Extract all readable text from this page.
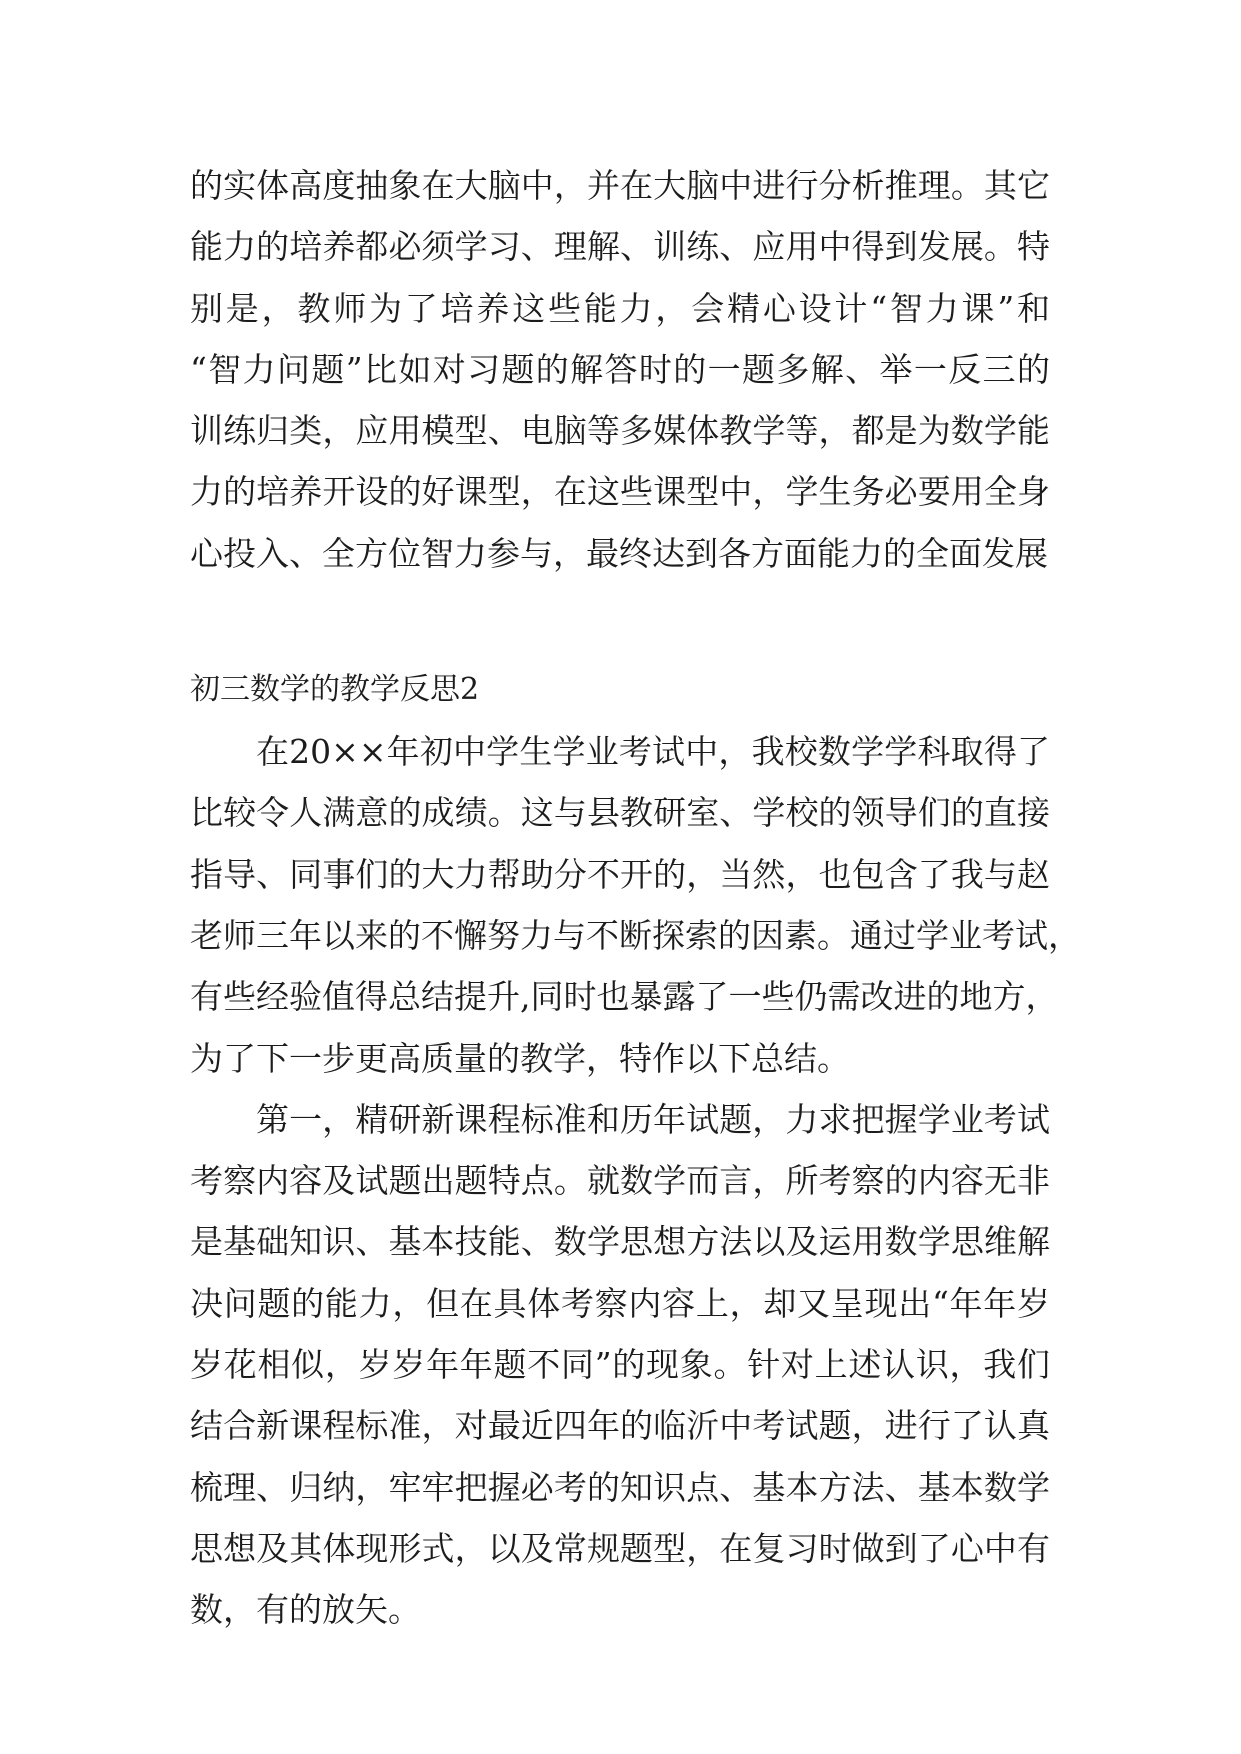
的实体高度抽象在大脑中，并在大脑中进行分析推理。其它
能力的培养都必须学习、理解、训练、应用中得到发展。特
别是，教师为了培养这些能力，会精心设计“智力课”和
“智力问题”比如对习题的解答时的一题多解、举一反三的
训练归类，应用模型、电脑等多媒体教学等，都是为数学能
力的培养开设的好课型，在这些课型中，学生务必要用全身
心投入、全方位智力参与，最终达到各方面能力的全面发展
初三数学的教学反思2
在20××年初中学生学业考试中，我校数学学科取得了
比较令人满意的成绩。这与县教研室、学校的领导们的直接
指导、同事们的大力帮助分不开的，当然，也包含了我与赵
老师三年以来的不懈努力与不断探索的因素。通过学业考试，
有些经验值得总结提升,同时也暴露了一些仍需改进的地方，
为了下一步更高质量的教学，特作以下总结。
第一，精研新课程标准和历年试题，力求把握学业考试
考察内容及试题出题特点。就数学而言，所考察的内容无非
是基础知识、基本技能、数学思想方法以及运用数学思维解
决问题的能力，但在具体考察内容上，却又呈现出“年年岁
岁花相似，岁岁年年题不同”的现象。针对上述认识，我们
结合新课程标准，对最近四年的临沂中考试题，进行了认真
梳理、归纳，牢牢把握必考的知识点、基本方法、基本数学
思想及其体现形式，以及常规题型，在复习时做到了心中有
数，有的放矢。
